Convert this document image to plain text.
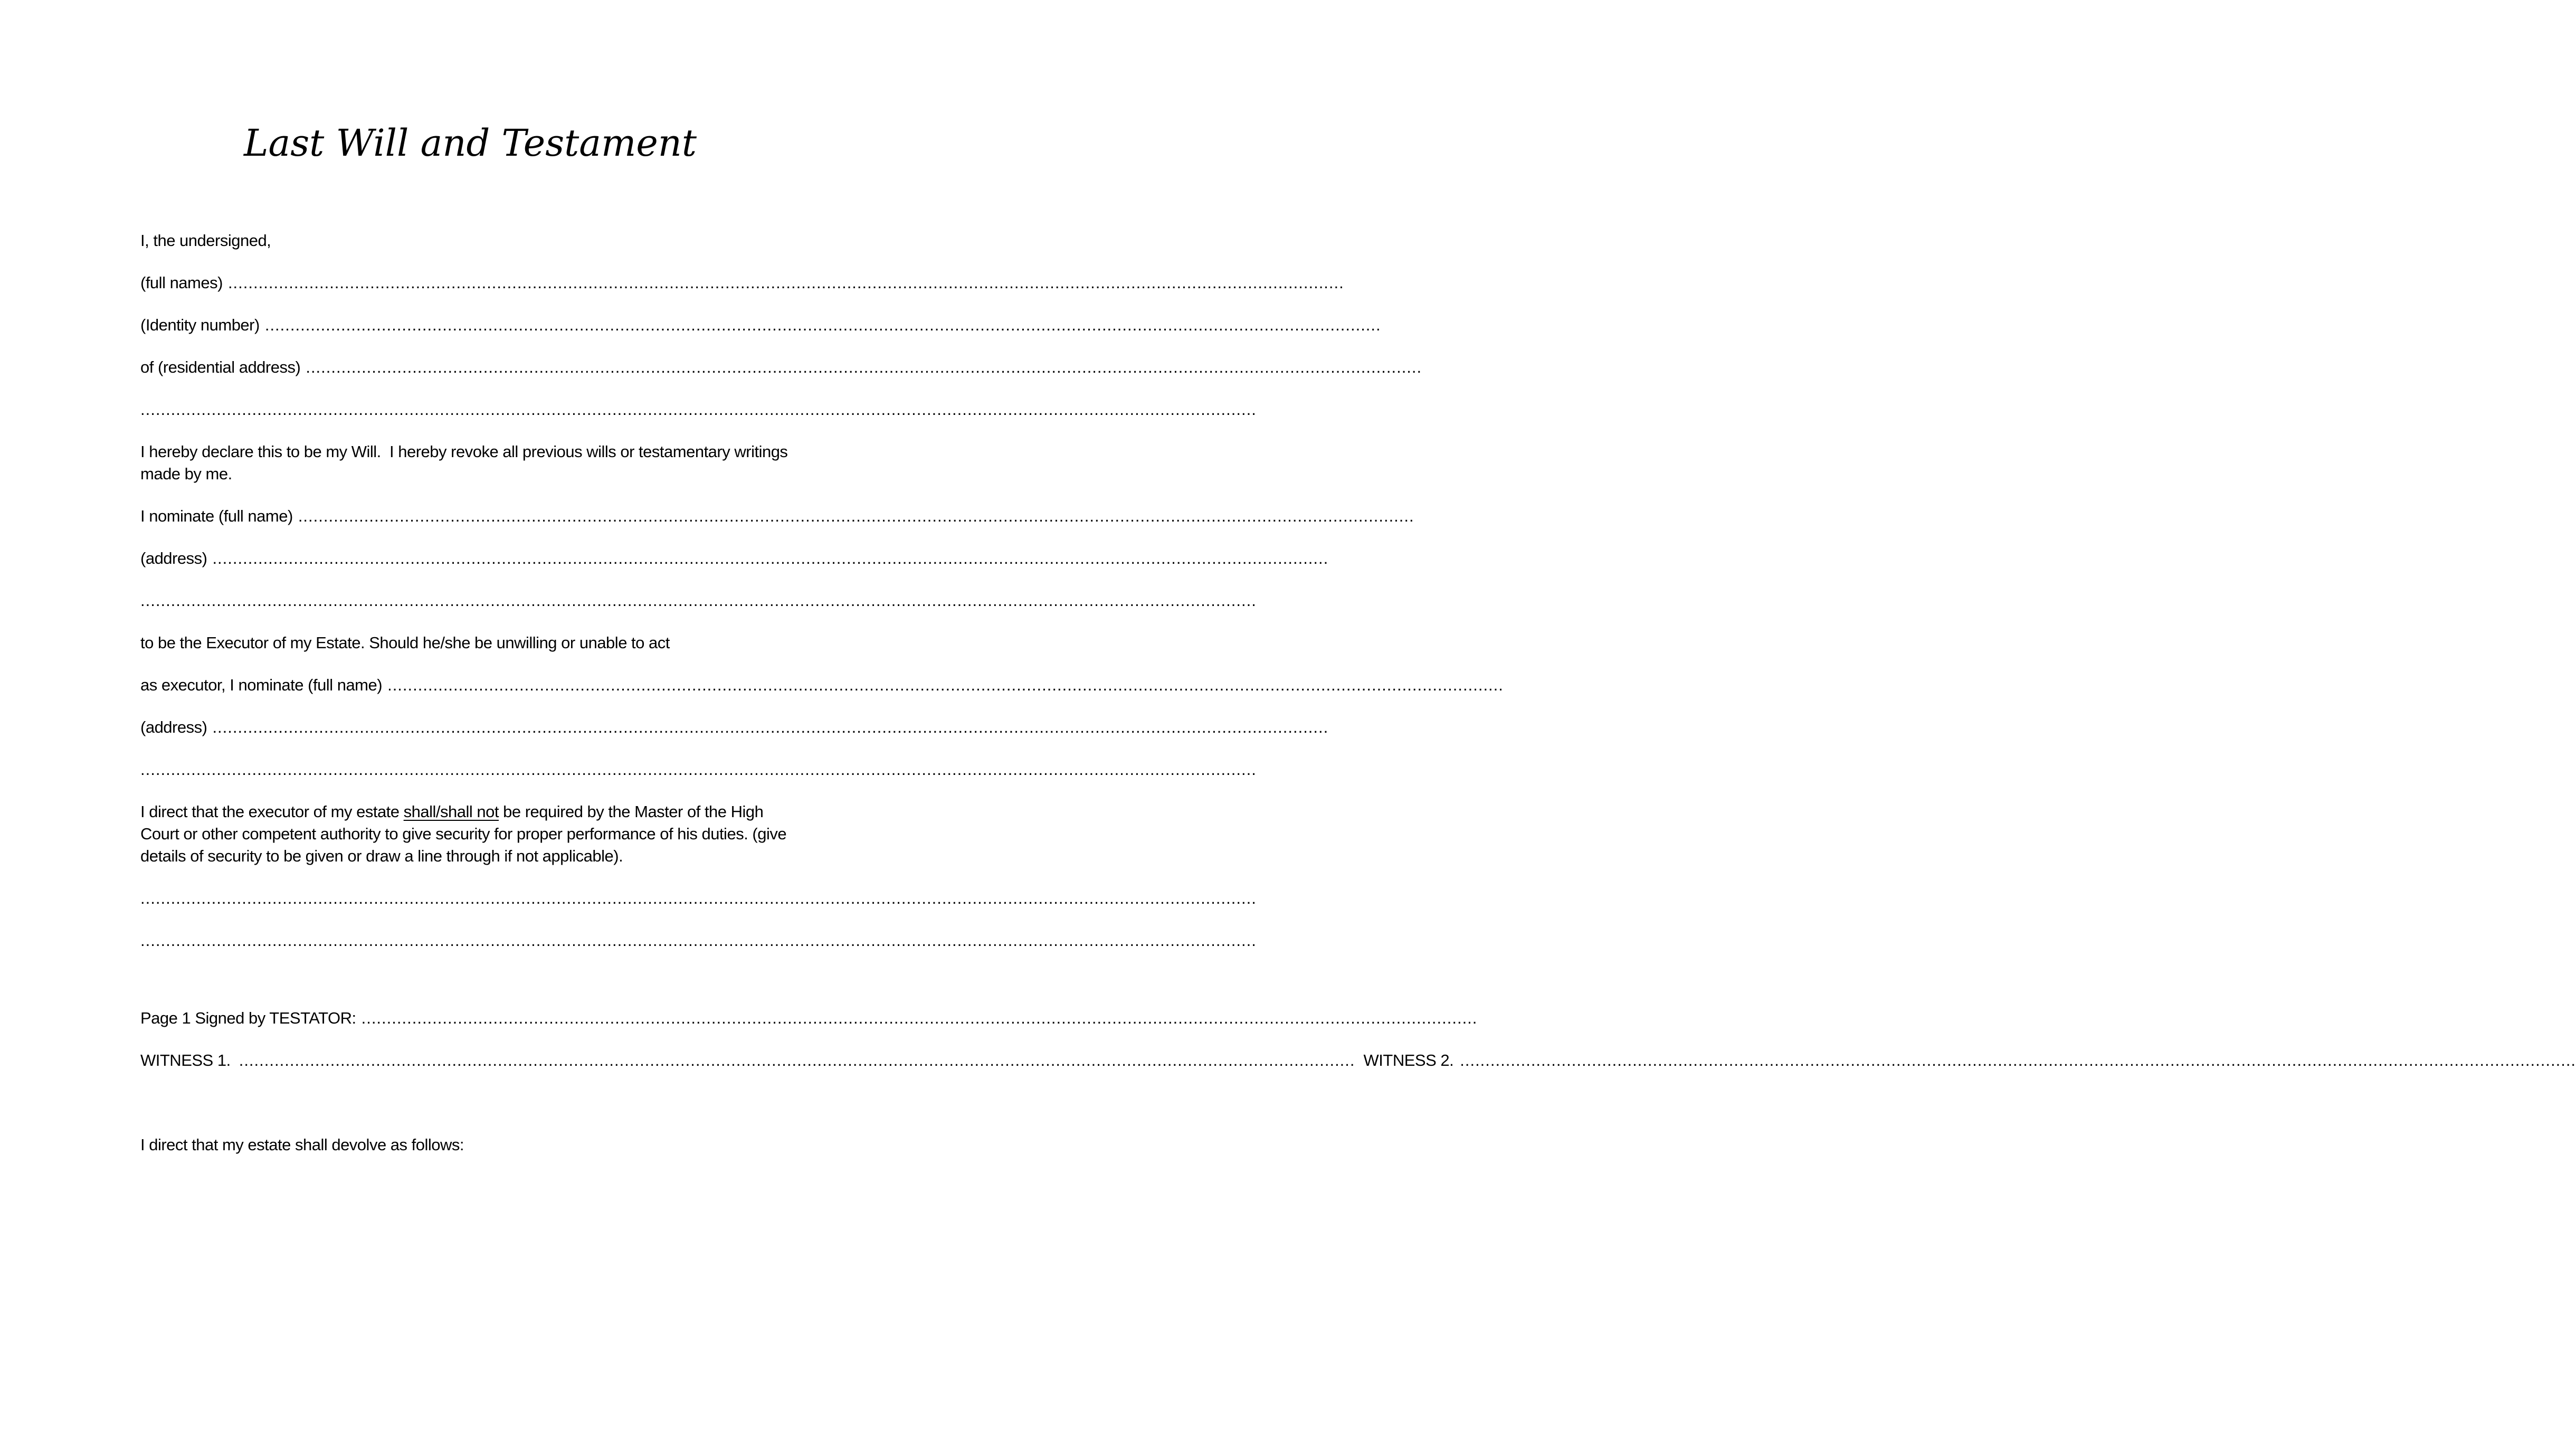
Last Will and Testament
I, the undersigned,
(full names) ............................................................................................................................................................................................................................
(Identity number) ............................................................................................................................................................................................................................
of (residential address) ............................................................................................................................................................................................................................
............................................................................................................................................................................................................................

I hereby declare this to be my Will.  I hereby revoke all previous wills or testamentary writings made by me.

I nominate (full name) ............................................................................................................................................................................................................................
(address) ............................................................................................................................................................................................................................
............................................................................................................................................................................................................................

to be the Executor of my Estate. Should he/she be unwilling or unable to act

as executor, I nominate (full name) ............................................................................................................................................................................................................................
(address) ............................................................................................................................................................................................................................
............................................................................................................................................................................................................................

I direct that the executor of my estate shall/shall not be required by the Master of the High Court or other competent authority to give security for proper performance of his duties. (give details of security to be given or draw a line through if not applicable).

............................................................................................................................................................................................................................
............................................................................................................................................................................................................................
Page 1 Signed by TESTATOR: ............................................................................................................................................................................................................................
WITNESS 1. ............................................................................................................................................................................................................................ WITNESS 2. ............................................................................................................................................................................................................................

I direct that my estate shall devolve as follows:
